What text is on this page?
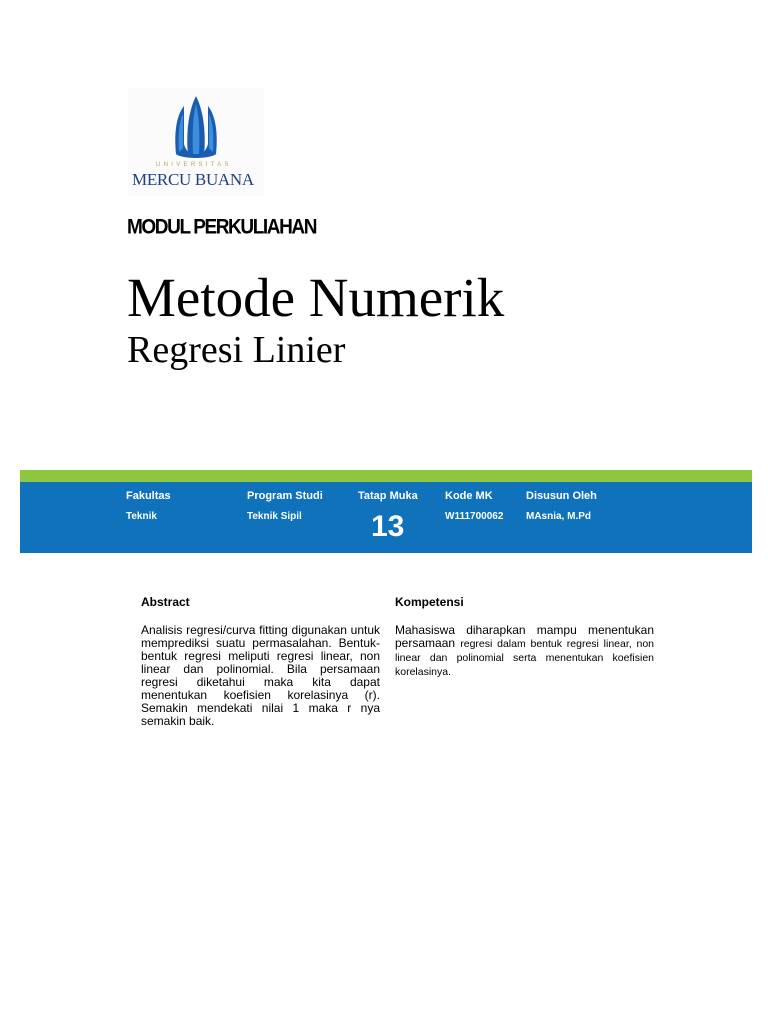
UNIVERSITAS
MERCU BUANA
MODUL PERKULIAHAN
Metode Numerik
Regresi Linier
Fakultas
Teknik
Program Studi
Teknik Sipil
Tatap Muka
13
Kode MK
W111700062
Disusun Oleh
MAsnia, M.Pd
Abstract
Analisis regresi/curva fitting digunakan untuk memprediksi suatu permasalahan. Bentuk-bentuk regresi meliputi regresi linear, non linear dan polinomial. Bila persamaan regresi diketahui maka kita dapat menentukan koefisien korelasinya (r). Semakin mendekati nilai 1 maka r nya semakin baik.
Kompetensi
Mahasiswa diharapkan mampu menentukan persamaan regresi dalam bentuk regresi linear, non linear dan polinomial serta menentukan koefisien korelasinya.
